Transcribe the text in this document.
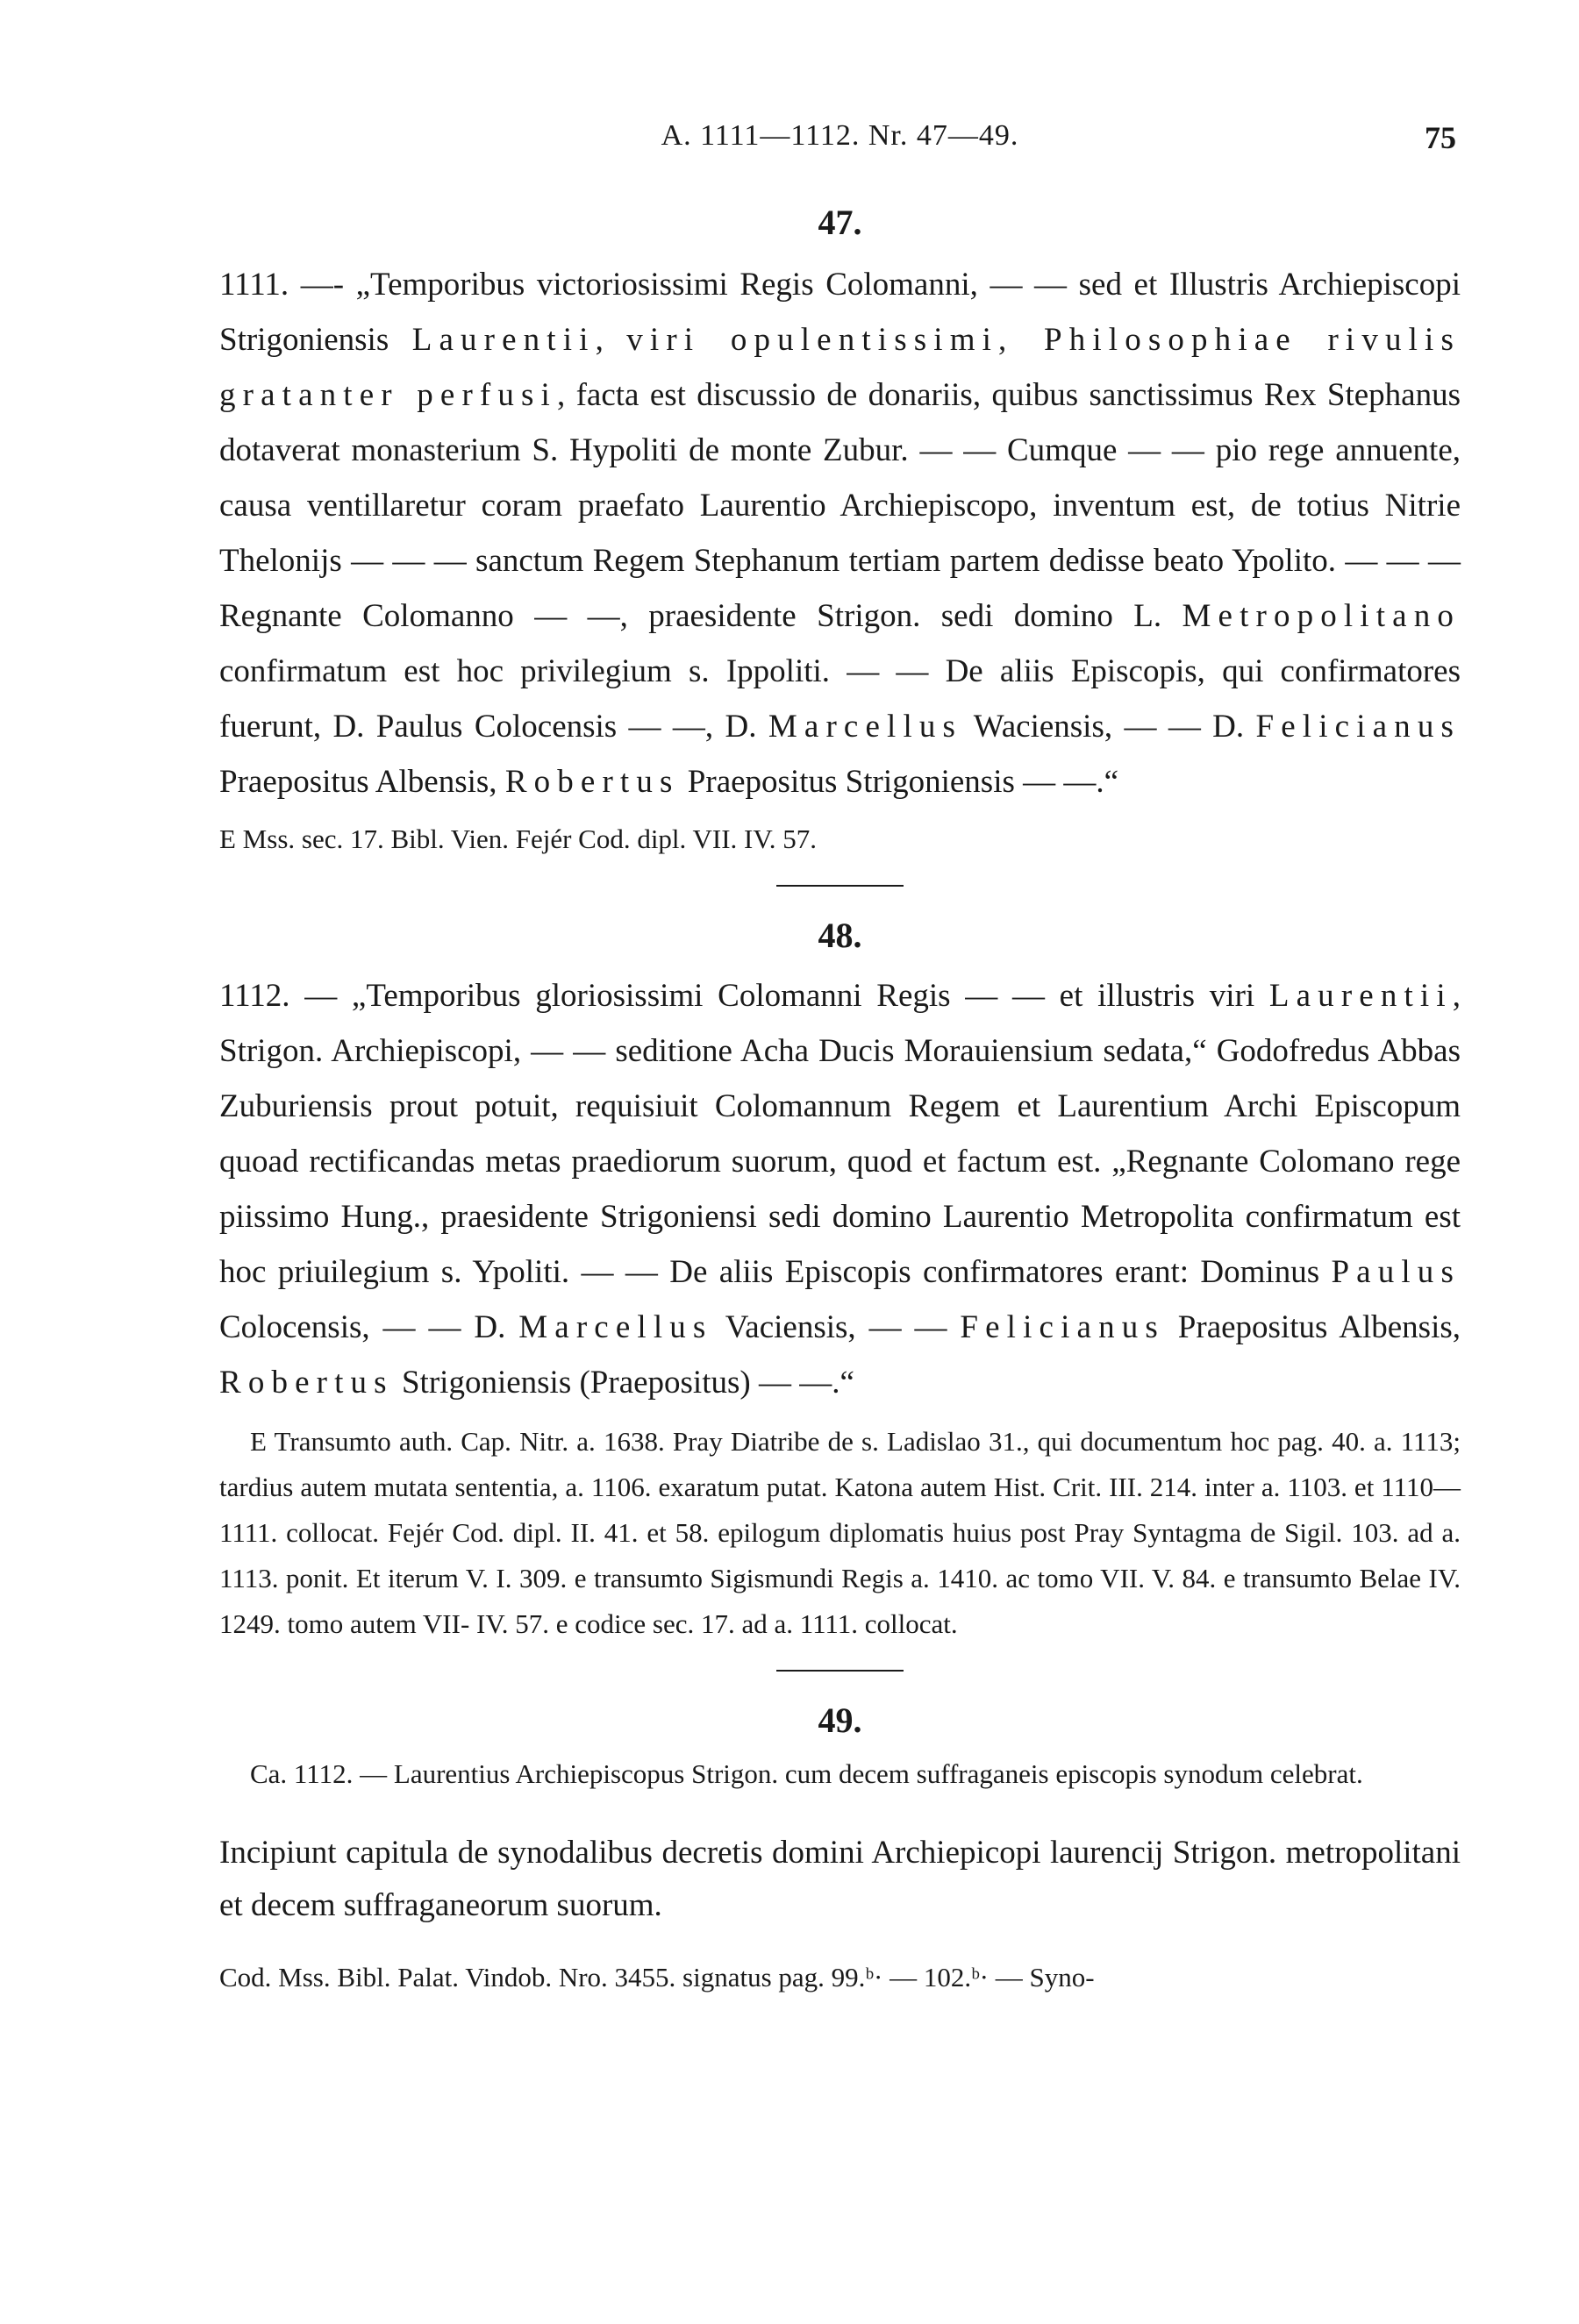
A. 1111—1112. Nr. 47—49.	75
47.

1111. —- „Temporibus victoriosissimi Regis Colomanni, — — sed et Illustris Archiepiscopi Strigoniensis Laurentii, viri opulentissimi, Philosophiae rivulis gratanter perfusi, facta est discussio de donariis, quibus sanctissimus Rex Stephanus dotaverat monasterium S. Hypoliti de monte Zubur. — — Cumque — — pio rege annuente, causa ventillaretur coram praefato Laurentio Archiepiscopo, inventum est, de totius Nitrie Thelonijs — — — sanctum Regem Stephanum tertiam partem dedisse beato Ypolito. — — — Regnante Colomanno — —, praesidente Strigon. sedi domino L. Metropolitano confirmatum est hoc privilegium s. Ippoliti. — — De aliis Episcopis, qui confirmatores fuerunt, D. Paulus Colocensis — —, D. Marcellus Waciensis, — — D. Felicianus Praepositus Albensis, Robertus Praepositus Strigoniensis — —.“

E Mss. sec. 17. Bibl. Vien. Fejér Cod. dipl. VII. IV. 57.

48.

1112. — „Temporibus gloriosissimi Colomanni Regis — — et illustris viri Laurentii, Strigon. Archiepiscopi, — — seditione Acha Ducis Morauiensium sedata,“ Godofredus Abbas Zuburiensis prout potuit, requisiuit Colomannum Regem et Laurentium Archi Episcopum quoad rectificandas metas praediorum suorum, quod et factum est. „Regnante Colomano rege piissimo Hung., praesidente Strigoniensi sedi domino Laurentio Metropolita confirmatum est hoc priuilegium s. Ypoliti. — — De aliis Episcopis confirmatores erant: Dominus Paulus Colocensis, — — D. Marcellus Vaciensis, — — Felicianus Praepositus Albensis, Robertus Strigoniensis (Praepositus) — —.“

E Transumto auth. Cap. Nitr. a. 1638. Pray Diatribe de s. Ladislao 31., qui documentum hoc pag. 40. a. 1113; tardius autem mutata sententia, a. 1106. exaratum putat. Katona autem Hist. Crit. III. 214. inter a. 1103. et 1110—1111. collocat. Fejér Cod. dipl. II. 41. et 58. epilogum diplomatis huius post Pray Syntagma de Sigil. 103. ad a. 1113. ponit. Et iterum V. I. 309. e transumto Sigismundi Regis a. 1410. ac tomo VII. V. 84. e transumto Belae IV. 1249. tomo autem VII- IV. 57. e codice sec. 17. ad a. 1111. collocat.

49.

Ca. 1112. — Laurentius Archiepiscopus Strigon. cum decem suffraganeis episcopis synodum celebrat.

Incipiunt capitula de synodalibus decretis domini Archiepicopi laurencij Strigon. metropolitani et decem suffraganeorum suorum.

Cod. Mss. Bibl. Palat. Vindob. Nro. 3455. signatus pag. 99.ᵇ· — 102.ᵇ· — Syno-
